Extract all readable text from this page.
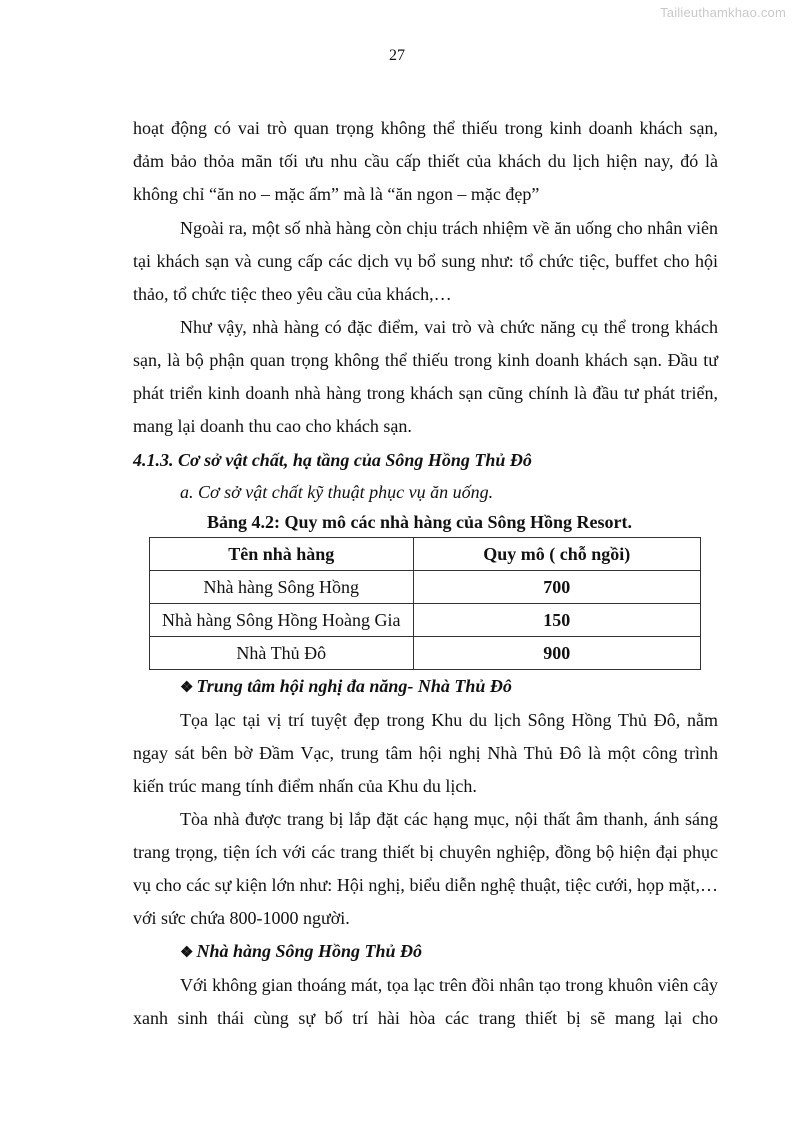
Tailieuthamkhao.com
27
hoạt động có vai trò quan trọng không thể thiếu trong kinh doanh khách sạn,
đảm bảo thỏa mãn tối ưu nhu cầu cấp thiết của khách du lịch hiện nay, đó là
không chỉ “ăn no – mặc ấm” mà là “ăn ngon – mặc đẹp”

Ngoài ra, một số nhà hàng còn chịu trách nhiệm về ăn uống cho nhân viên tại khách sạn và cung cấp các dịch vụ bổ sung như: tổ chức tiệc, buffet cho hội thảo, tổ chức tiệc theo yêu cầu của khách,…

Như vậy, nhà hàng có đặc điểm, vai trò và chức năng cụ thể trong khách sạn, là bộ phận quan trọng không thể thiếu trong kinh doanh khách sạn. Đầu tư phát triển kinh doanh nhà hàng trong khách sạn cũng chính là đầu tư phát triển, mang lại doanh thu cao cho khách sạn.

4.1.3. Cơ sở vật chất, hạ tầng của Sông Hồng Thủ Đô
a. Cơ sở vật chất kỹ thuật phục vụ ăn uống.
Bảng 4.2: Quy mô các nhà hàng của Sông Hồng Resort.
Tên nhà hàng	Quy mô ( chỗ ngồi)
Nhà hàng Sông Hồng	700
Nhà hàng Sông Hồng Hoàng Gia	150
Nhà Thủ Đô	900
❖ Trung tâm hội nghị đa năng- Nhà Thủ Đô

Tọa lạc tại vị trí tuyệt đẹp trong Khu du lịch Sông Hồng Thủ Đô, nằm ngay sát bên bờ Đầm Vạc, trung tâm hội nghị Nhà Thủ Đô là một công trình kiến trúc mang tính điểm nhấn của Khu du lịch.

Tòa nhà được trang bị lắp đặt các hạng mục, nội thất âm thanh, ánh sáng trang trọng, tiện ích với các trang thiết bị chuyên nghiệp, đồng bộ hiện đại phục vụ cho các sự kiện lớn như: Hội nghị, biểu diễn nghệ thuật, tiệc cưới, họp mặt,… với sức chứa 800-1000 người.

❖ Nhà hàng Sông Hồng Thủ Đô

Với không gian thoáng mát, tọa lạc trên đồi nhân tạo trong khuôn viên cây xanh sinh thái cùng sự bố trí hài hòa các trang thiết bị sẽ mang lại cho
